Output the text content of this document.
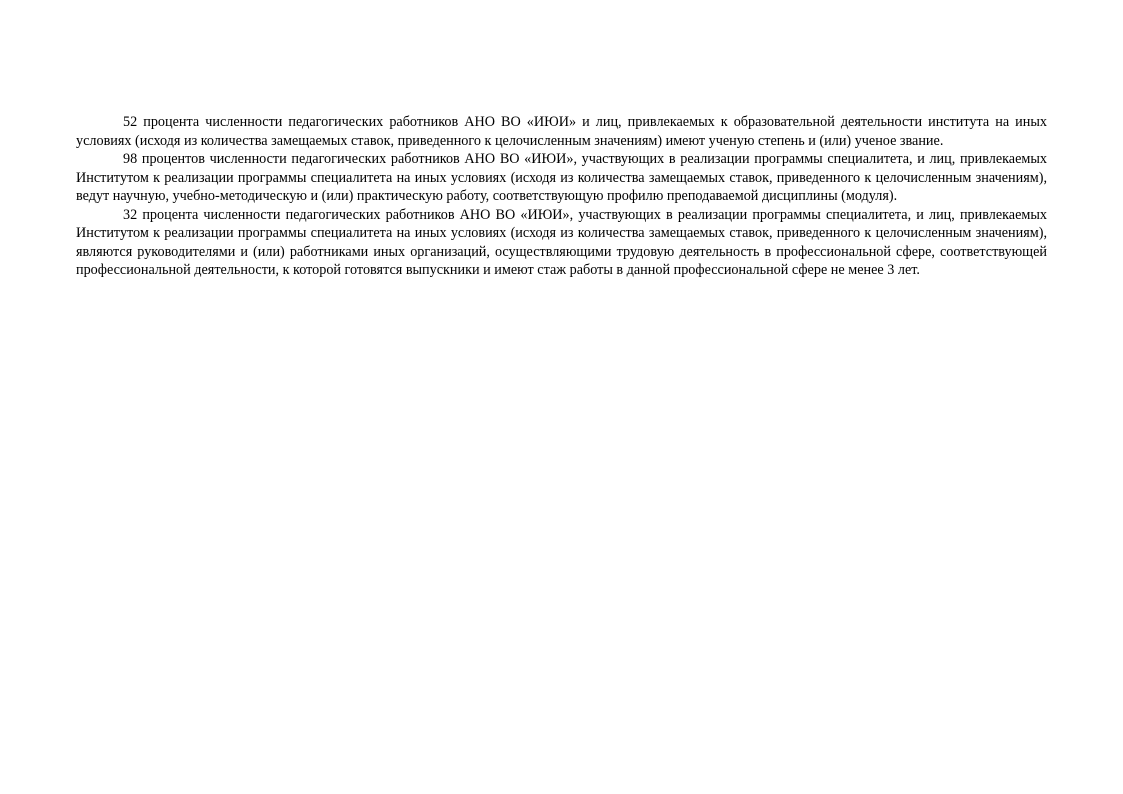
52 процента численности педагогических работников АНО ВО «ИЮИ» и лиц, привлекаемых к образовательной деятельности института на иных условиях (исходя из количества замещаемых ставок, приведенного к целочисленным значениям) имеют ученую степень и (или) ученое звание.

98 процентов численности педагогических работников АНО ВО «ИЮИ», участвующих в реализации программы специалитета, и лиц, привлекаемых Институтом к реализации программы специалитета на иных условиях (исходя из количества замещаемых ставок, приведенного к целочисленным значениям), ведут научную, учебно-методическую и (или) практическую работу, соответствующую профилю преподаваемой дисциплины (модуля).

32 процента численности педагогических работников АНО ВО «ИЮИ», участвующих в реализации программы специалитета, и лиц, привлекаемых Институтом к реализации программы специалитета на иных условиях (исходя из количества замещаемых ставок, приведенного к целочисленным значениям), являются руководителями и (или) работниками иных организаций, осуществляющими трудовую деятельность в профессиональной сфере, соответствующей профессиональной деятельности, к которой готовятся выпускники и имеют стаж работы в данной профессиональной сфере не менее 3 лет.
